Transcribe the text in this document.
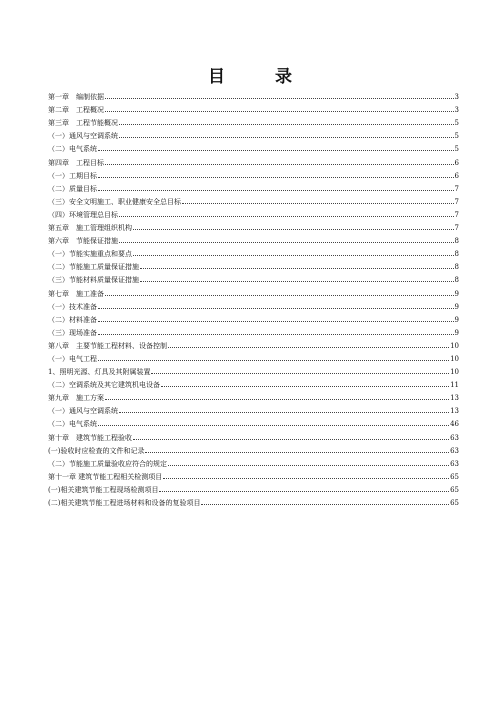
目 录
第一章　编制依据	3
第二章　工程概况	3
第三章　工程节能概况	5
（一）通风与空调系统	5
（二）电气系统	5
第四章　工程目标	6
（一）工期目标	6
（二）质量目标	7
（三）安全文明施工、职业健康安全总目标	7
（四）环境管理总目标	7
第五章　施工管理组织机构	7
第六章　节能保证措施	8
（一）节能实施重点和要点	8
（二）节能施工质量保证措施	8
（三）节能材料质量保证措施	8
第七章　施工准备	9
（一）技术准备	9
（二）材料准备	9
（三）现场准备	9
第八章　主要节能工程材料、设备控制	10
（一）电气工程	10
1、照明光源、灯具及其附属装置	10
（二）空调系统及其它建筑机电设备	11
第九章　施工方案	13
（一）通风与空调系统	13
（二）电气系统	46
第十章　建筑节能工程验收	63
(一)验收时应检查的文件和记录	63
（二）节能施工质量验收应符合的规定	63
第十一章 建筑节能工程相关检测项目	65
(一)相关建筑节能工程现场检测项目	65
(二)相关建筑节能工程进场材料和设备的复验项目	65
